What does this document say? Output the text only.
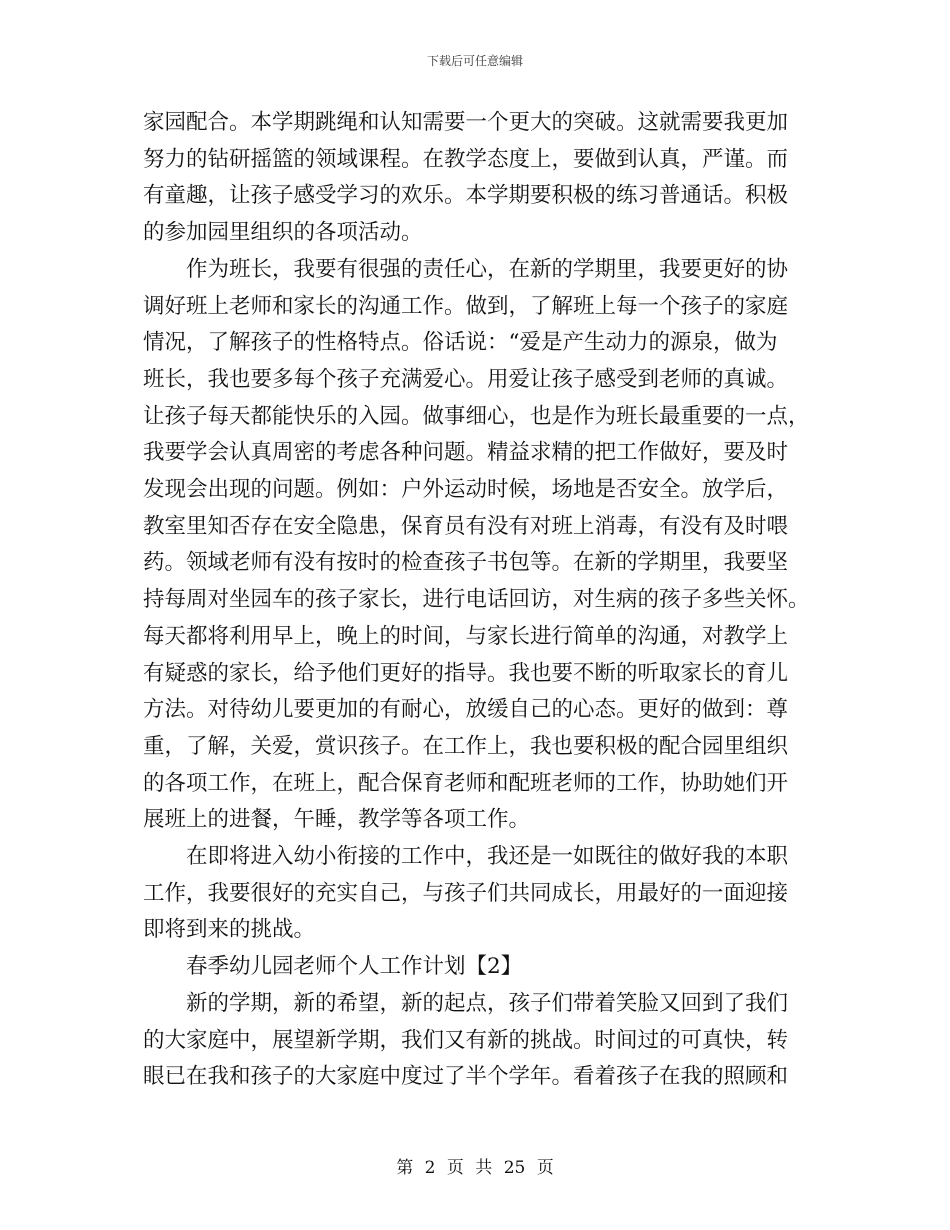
下载后可任意编辑

家园配合。本学期跳绳和认知需要一个更大的突破。这就需要我更加
努力的钻研摇篮的领域课程。在教学态度上，要做到认真，严谨。而
有童趣，让孩子感受学习的欢乐。本学期要积极的练习普通话。积极
的参加园里组织的各项活动。

作为班长，我要有很强的责任心，在新的学期里，我要更好的协
调好班上老师和家长的沟通工作。做到，了解班上每一个孩子的家庭
情况，了解孩子的性格特点。俗话说：“爱是产生动力的源泉，做为
班长，我也要多每个孩子充满爱心。用爱让孩子感受到老师的真诚。
让孩子每天都能快乐的入园。做事细心，也是作为班长最重要的一点，
我要学会认真周密的考虑各种问题。精益求精的把工作做好，要及时
发现会出现的问题。例如：户外运动时候，场地是否安全。放学后，
教室里知否存在安全隐患，保育员有没有对班上消毒，有没有及时喂
药。领域老师有没有按时的检查孩子书包等。在新的学期里，我要坚
持每周对坐园车的孩子家长，进行电话回访，对生病的孩子多些关怀。
每天都将利用早上，晚上的时间，与家长进行简单的沟通，对教学上
有疑惑的家长，给予他们更好的指导。我也要不断的听取家长的育儿
方法。对待幼儿要更加的有耐心，放缓自己的心态。更好的做到：尊
重，了解，关爱，赏识孩子。在工作上，我也要积极的配合园里组织
的各项工作，在班上，配合保育老师和配班老师的工作，协助她们开
展班上的进餐，午睡，教学等各项工作。

在即将进入幼小衔接的工作中，我还是一如既往的做好我的本职
工作，我要很好的充实自己，与孩子们共同成长，用最好的一面迎接
即将到来的挑战。

春季幼儿园老师个人工作计划【2】

新的学期，新的希望，新的起点，孩子们带着笑脸又回到了我们
的大家庭中，展望新学期，我们又有新的挑战。时间过的可真快，转
眼已在我和孩子的大家庭中度过了半个学年。看着孩子在我的照顾和

第 2 页 共 25 页
